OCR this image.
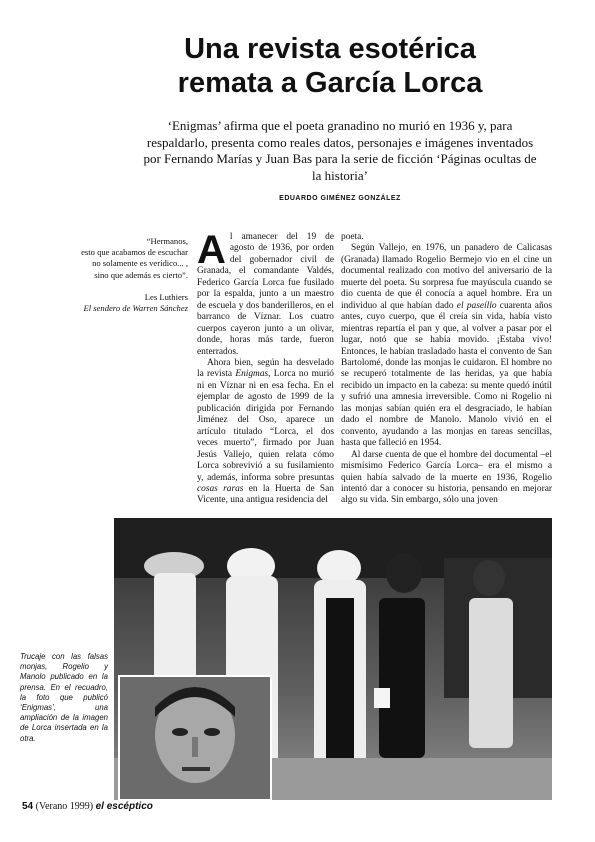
Una revista esotérica
remata a García Lorca
‘Enigmas’ afirma que el poeta granadino no murió en 1936 y, para respaldarlo, presenta como reales datos, personajes e imágenes inventados por Fernando Marías y Juan Bas para la serie de ficción ‘Páginas ocultas de la historia’
EDUARDO GIMÉNEZ GONZÁLEZ
“Hermanos,
esto que acabamos de escuchar
no solamente es verídico... ,
sino que además es cierto”.
Les Luthiers
El sendero de Warren Sánchez

Al amanecer del 19 de agosto de 1936, por orden del gobernador civil de Granada, el comandante Valdés, Federico García Lorca fue fusilado por la espalda, junto a un maestro de escuela y dos banderilleros, en el barranco de Víznar. Los cuatro cuerpos cayeron junto a un olivar, donde, horas más tarde, fueron enterrados.

Ahora bien, según ha desvelado la revista Enigmas, Lorca no murió ni en Víznar ni en esa fecha. En el ejemplar de agosto de 1999 de la publicación dirigida por Fernando Jiménez del Oso, aparece un artículo titulado “Lorca, el dos veces muerto”, firmado por Juan Jesús Vallejo, quien relata cómo Lorca sobrevivió a su fusilamiento y, además, informa sobre presuntas cosas raras en la Huerta de San Vicente, una antigua residencia del

poeta.

Según Vallejo, en 1976, un panadero de Calicasas (Granada) llamado Rogelio Bermejo vio en el cine un documental realizado con motivo del aniversario de la muerte del poeta. Su sorpresa fue mayúscula cuando se dio cuenta de que él conocía a aquel hombre. Era un individuo al que habían dado el paseíllo cuarenta años antes, cuyo cuerpo, que él creía sin vida, había visto mientras repartía el pan y que, al volver a pasar por el lugar, notó que se había movido. ¡Estaba vivo! Entonces, le habían trasladado hasta el convento de San Bartolomé, donde las monjas le cuidaron. El hombre no se recuperó totalmente de las heridas, ya que había recibido un impacto en la cabeza: su mente quedó inútil y sufrió una amnesia irreversible. Como ni Rogelio ni las monjas sabían quién era el desgraciado, le habían dado el nombre de Manolo. Manolo vivió en el convento, ayudando a las monjas en tareas sencillas, hasta que falleció en 1954.

Al darse cuenta de que el hombre del documental –el mismísimo Federico García Lorca– era el mismo a quien había salvado de la muerte en 1936, Rogelio intentó dar a conocer su historia, pensando en mejorar algo su vida. Sin embargo, sólo una joven

Trucaje con las falsas monjas, Rogelio y Manolo publicado en la prensa. En el recuadro, la foto que publicó ‘Enigmas’, una ampliación de la imagen de Lorca insertada en la otra.
54 (Verano 1999) el escéptico
